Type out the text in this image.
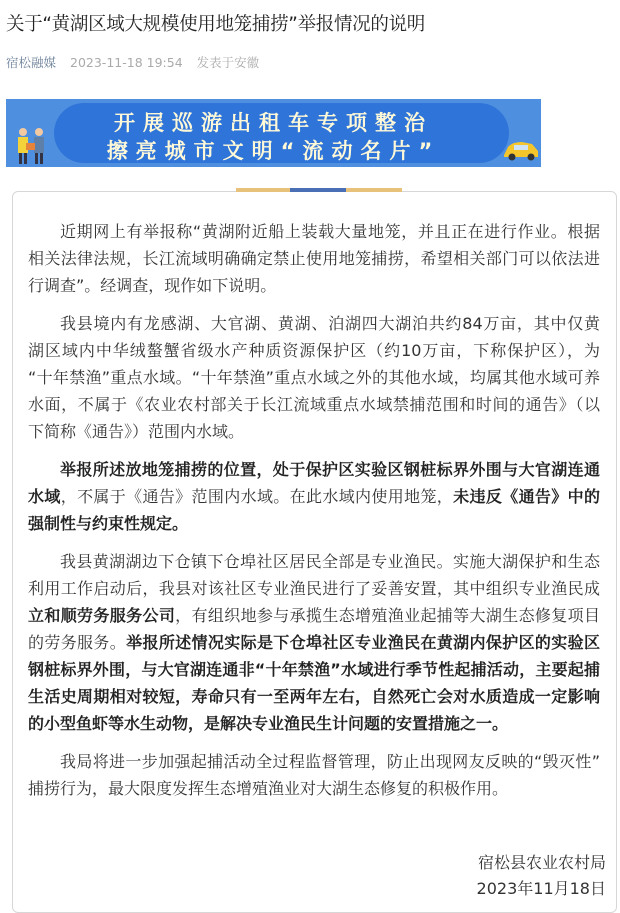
关于“黄湖区域大规模使用地笼捕捞”举报情况的说明
宿松融媒 2023-11-18 19:54 发表于安徽
开展巡游出租车专项整治
擦亮城市文明“流动名片”
近期网上有举报称“黄湖附近船上装载大量地笼，并且正在进行作业。根据
相关法律法规，长江流域明确确定禁止使用地笼捕捞，希望相关部门可以依法进
行调查”。经调查，现作如下说明。
我县境内有龙感湖、大官湖、黄湖、泊湖四大湖泊共约84万亩，其中仅黄
湖区域内中华绒螯蟹省级水产种质资源保护区（约10万亩，下称保护区），为
“十年禁渔”重点水域。“十年禁渔”重点水域之外的其他水域，均属其他水域可养
水面，不属于《农业农村部关于长江流域重点水域禁捕范围和时间的通告》（以
下简称《通告》）范围内水域。
举报所述放地笼捕捞的位置，处于保护区实验区钢桩标界外围与大官湖连通
水域，不属于《通告》范围内水域。在此水域内使用地笼，未违反《通告》中的
强制性与约束性规定。
我县黄湖湖边下仓镇下仓埠社区居民全部是专业渔民。实施大湖保护和生态
利用工作启动后，我县对该社区专业渔民进行了妥善安置，其中组织专业渔民成
立和顺劳务服务公司，有组织地参与承揽生态增殖渔业起捕等大湖生态修复项目
的劳务服务。举报所述情况实际是下仓埠社区专业渔民在黄湖内保护区的实验区
钢桩标界外围，与大官湖连通非“十年禁渔”水域进行季节性起捕活动，主要起捕
生活史周期相对较短，寿命只有一至两年左右，自然死亡会对水质造成一定影响
的小型鱼虾等水生动物，是解决专业渔民生计问题的安置措施之一。
我局将进一步加强起捕活动全过程监督管理，防止出现网友反映的“毁灭性”
捕捞行为，最大限度发挥生态增殖渔业对大湖生态修复的积极作用。
宿松县农业农村局
2023年11月18日
